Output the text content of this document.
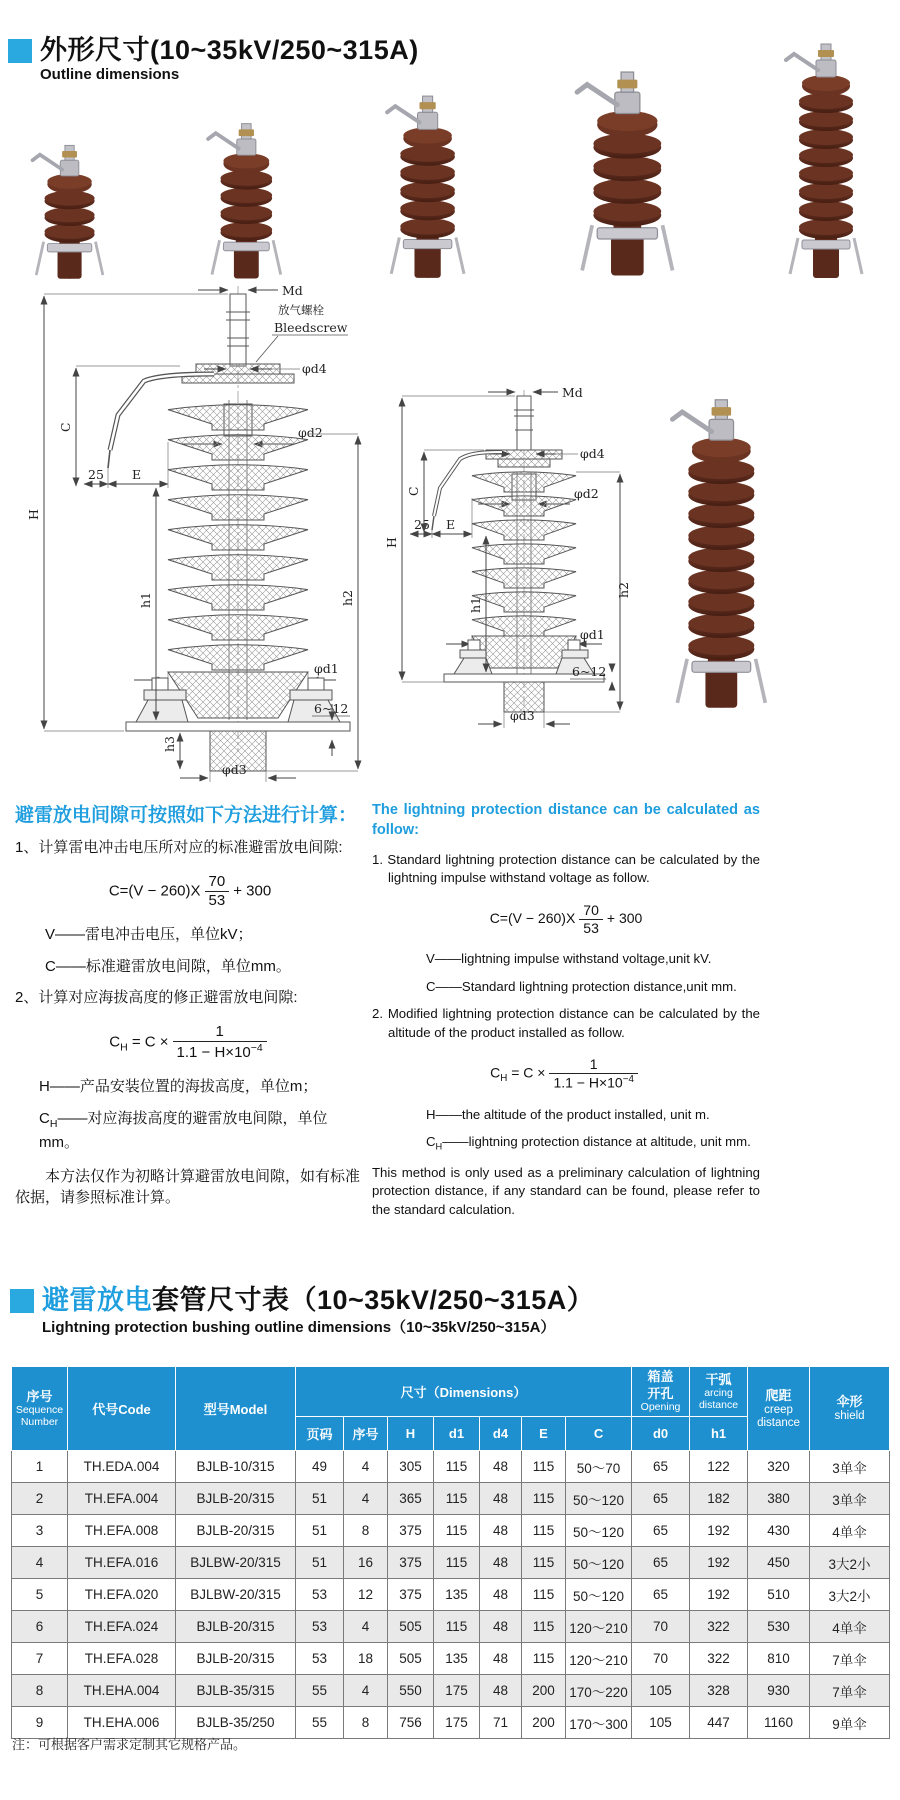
外形尺寸(10~35kV/250~315A)
Outline dimensions
Md
放气螺栓
Bleedscrew
φd4
25 E
φd2
φd1
6~12
φd3
H
C
h1
h3
h2
Md
φd4
25 E
φd2
φd1
6~12
φd3
H
C
h1
h2
避雷放电间隙可按照如下方法进行计算：

1、计算雷电冲击电压所对应的标准避雷放电间隙:

$C=(V - 260)X \frac{70}{53} + 300$

V——雷电冲击电压，单位kV；

C——标准避雷放电间隙，单位mm。

2、计算对应海拔高度的修正避雷放电间隙:

$C_H = C \times \frac{1}{1.1 - H\times 10^{-4}}$

H——产品安装位置的海拔高度，单位m；

$C_H——$对应海拔高度的避雷放电间隙，单位mm。

本方法仅作为初略计算避雷放电间隙，如有标准依据，请参照标准计算。

The lightning protection distance can be calculated as follow:

1. Standard lightning protection distance can be calculated by the lightning impulse withstand voltage as follow.

$C=(V - 260)X \frac{70}{53} + 300$

V——lightning impulse withstand voltage,unit kV.

C——Standard lightning protection distance,unit mm.

2. Modified lightning protection distance can be calculated by the altitude of the product installed as follow.

$C_H = C \times \frac{1}{1.1 - H\times 10^{-4}}$

H——the altitude of the product installed, unit m.

$C_H——lightning$ protection distance at altitude, unit mm.

This method is only used as a preliminary calculation of lightning protection distance, if any standard can be found, please refer to the standard calculation.

避雷放电套管尺寸表（10~35kV/250~315A）
Lightning protection bushing outline dimensions（10~35kV/250~315A）
序号
Sequence
Number	代号Code	型号Model	尺寸（Dimensions）							箱盖
开孔
Opening	干弧
arcing
distance	爬距
creep
distance	伞形
shield

			页码	序号	H	d1	d4	E	C	d0	h1		
1	TH.EDA.004	BJLB-10/315	49	4	305	115	48	115	50～70	65	122	320	3单伞
2	TH.EFA.004	BJLB-20/315	51	4	365	115	48	115	50～120	65	182	380	3单伞
3	TH.EFA.008	BJLB-20/315	51	8	375	115	48	115	50～120	65	192	430	4单伞
4	TH.EFA.016	BJLBW-20/315	51	16	375	115	48	115	50～120	65	192	450	3大2小
5	TH.EFA.020	BJLBW-20/315	53	12	375	135	48	115	50～120	65	192	510	3大2小
6	TH.EFA.024	BJLB-20/315	53	4	505	115	48	115	120～210	70	322	530	4单伞
7	TH.EFA.028	BJLB-20/315	53	18	505	135	48	115	120～210	70	322	810	7单伞
8	TH.EHA.004	BJLB-35/315	55	4	550	175	48	200	170～220	105	328	930	7单伞
9	TH.EHA.006	BJLB-35/250	55	8	756	175	71	200	170～300	105	447	1160	9单伞
注：可根据客户需求定制其它规格产品。
